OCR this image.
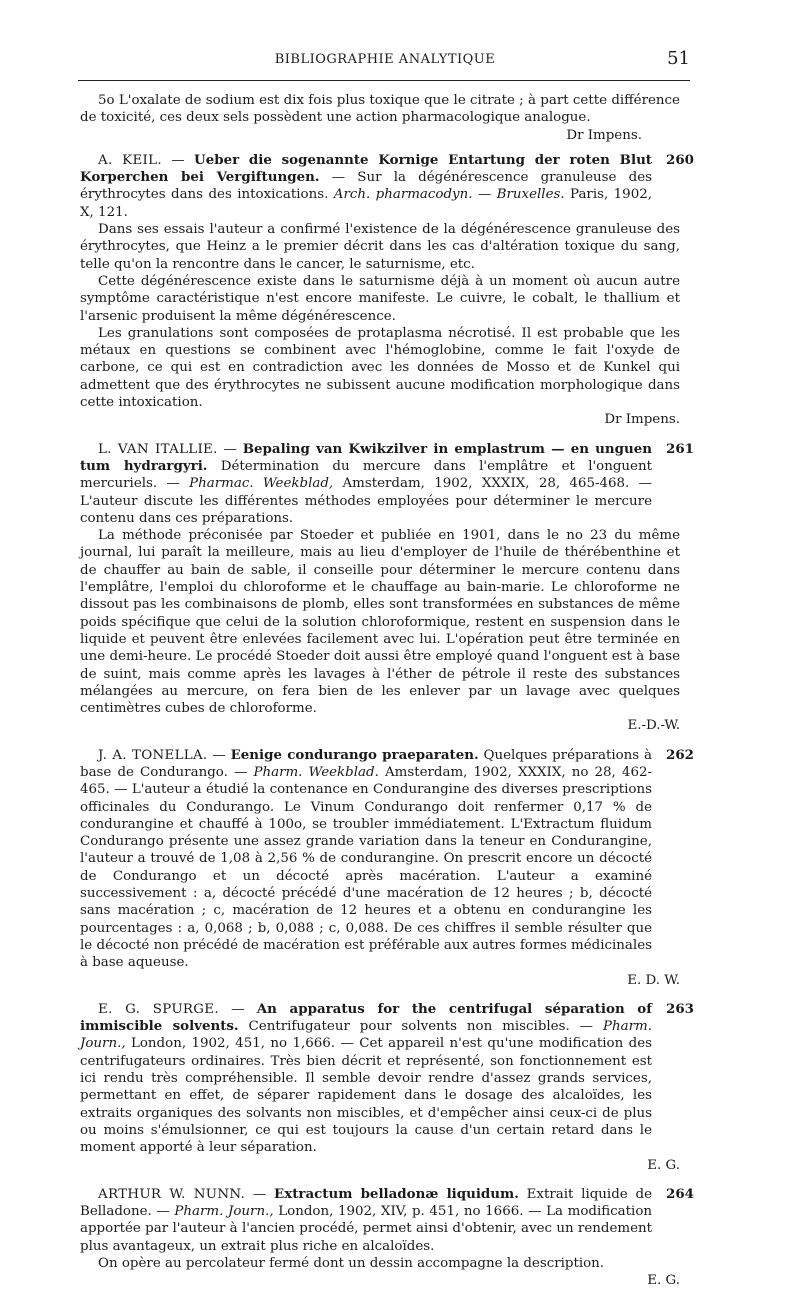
BIBLIOGRAPHIE ANALYTIQUE	51

5o L'oxalate de sodium est dix fois plus toxique que le citrate ; à part cette différence de toxicité, ces deux sels possèdent une action pharmacologique analogue.

Dr Impens.

A. KEIL. — Ueber die sogenannte Kornige Entartung der roten Blut Korperchen bei Vergiftungen. — Sur la dégénérescence granuleuse des érythrocytes dans des intoxications. Arch. pharmacodyn. — Bruxelles. Paris, 1902, X, 121.
260

Dans ses essais l'auteur a confirmé l'existence de la dégénérescence granuleuse des érythrocytes, que Heinz a le premier décrit dans les cas d'altération toxique du sang, telle qu'on la rencontre dans le cancer, le saturnisme, etc.

Cette dégénérescence existe dans le saturnisme déjà à un moment où aucun autre symptôme caractéristique n'est encore manifeste. Le cuivre, le cobalt, le thallium et l'arsenic produisent la même dégénérescence.

Les granulations sont composées de protaplasma nécrotisé. Il est probable que les métaux en questions se combinent avec l'hémoglobine, comme le fait l'oxyde de carbone, ce qui est en contradiction avec les données de Mosso et de Kunkel qui admettent que des érythrocytes ne subissent aucune modification morphologique dans cette intoxication.

Dr Impens.

L. VAN ITALLIE. — Bepaling van Kwikzilver in emplastrum — en unguen tum hydrargyri. Détermination du mercure dans l'emplâtre et l'onguent mercuriels. — Pharmac. Weekblad, Amsterdam, 1902, XXXIX, 28, 465-468. — L'auteur discute les différentes méthodes employées pour déterminer le mercure contenu dans ces préparations.
261

La méthode préconisée par Stoeder et publiée en 1901, dans le no 23 du même journal, lui paraît la meilleure, mais au lieu d'employer de l'huile de thérébenthine et de chauffer au bain de sable, il conseille pour déterminer le mercure contenu dans l'emplâtre, l'emploi du chloroforme et le chauffage au bain-marie. Le chloroforme ne dissout pas les combinaisons de plomb, elles sont transformées en substances de même poids spécifique que celui de la solution chloroformique, restent en suspension dans le liquide et peuvent être enlevées facilement avec lui. L'opération peut être terminée en une demi-heure. Le procédé Stoeder doit aussi être employé quand l'onguent est à base de suint, mais comme après les lavages à l'éther de pétrole il reste des substances mélangées au mercure, on fera bien de les enlever par un lavage avec quelques centimètres cubes de chloroforme.

E.-D.-W.

J. A. TONELLA. — Eenige condurango praeparaten. Quelques préparations à base de Condurango. — Pharm. Weekblad. Amsterdam, 1902, XXXIX, no 28, 462-465. — L'auteur a étudié la contenance en Condurangine des diverses prescriptions officinales du Condurango. Le Vinum Condurango doit renfermer 0,17 % de condurangine et chauffé à 100o, se troubler immédiatement. L'Extractum fluidum Condurango présente une assez grande variation dans la teneur en Condurangine, l'auteur a trouvé de 1,08 à 2,56 % de condurangine. On prescrit encore un décocté de Condurango et un décocté après macération. L'auteur a examiné successivement : a, décocté précédé d'une macération de 12 heures ; b, décocté sans macération ; c, macération de 12 heures et a obtenu en condurangine les pourcentages : a, 0,068 ; b, 0,088 ; c, 0,088. De ces chiffres il semble résulter que le décocté non précédé de macération est préférable aux autres formes médicinales à base aqueuse.
262

E. D. W.

E. G. SPURGE. — An apparatus for the centrifugal séparation of immiscible solvents. Centrifugateur pour solvents non miscibles. — Pharm. Journ., London, 1902, 451, no 1,666. — Cet appareil n'est qu'une modification des centrifugateurs ordinaires. Très bien décrit et représenté, son fonctionnement est ici rendu très compréhensible. Il semble devoir rendre d'assez grands services, permettant en effet, de séparer rapidement dans le dosage des alcaloïdes, les extraits organiques des solvants non miscibles, et d'empêcher ainsi ceux-ci de plus ou moins s'émulsionner, ce qui est toujours la cause d'un certain retard dans le moment apporté à leur séparation.
263

E. G.

ARTHUR W. NUNN. — Extractum belladonæ liquidum. Extrait liquide de Belladone. — Pharm. Journ., London, 1902, XIV, p. 451, no 1666. — La modification apportée par l'auteur à l'ancien procédé, permet ainsi d'obtenir, avec un rendement plus avantageux, un extrait plus riche en alcaloïdes.
264

On opère au percolateur fermé dont un dessin accompagne la description.

E. G.
